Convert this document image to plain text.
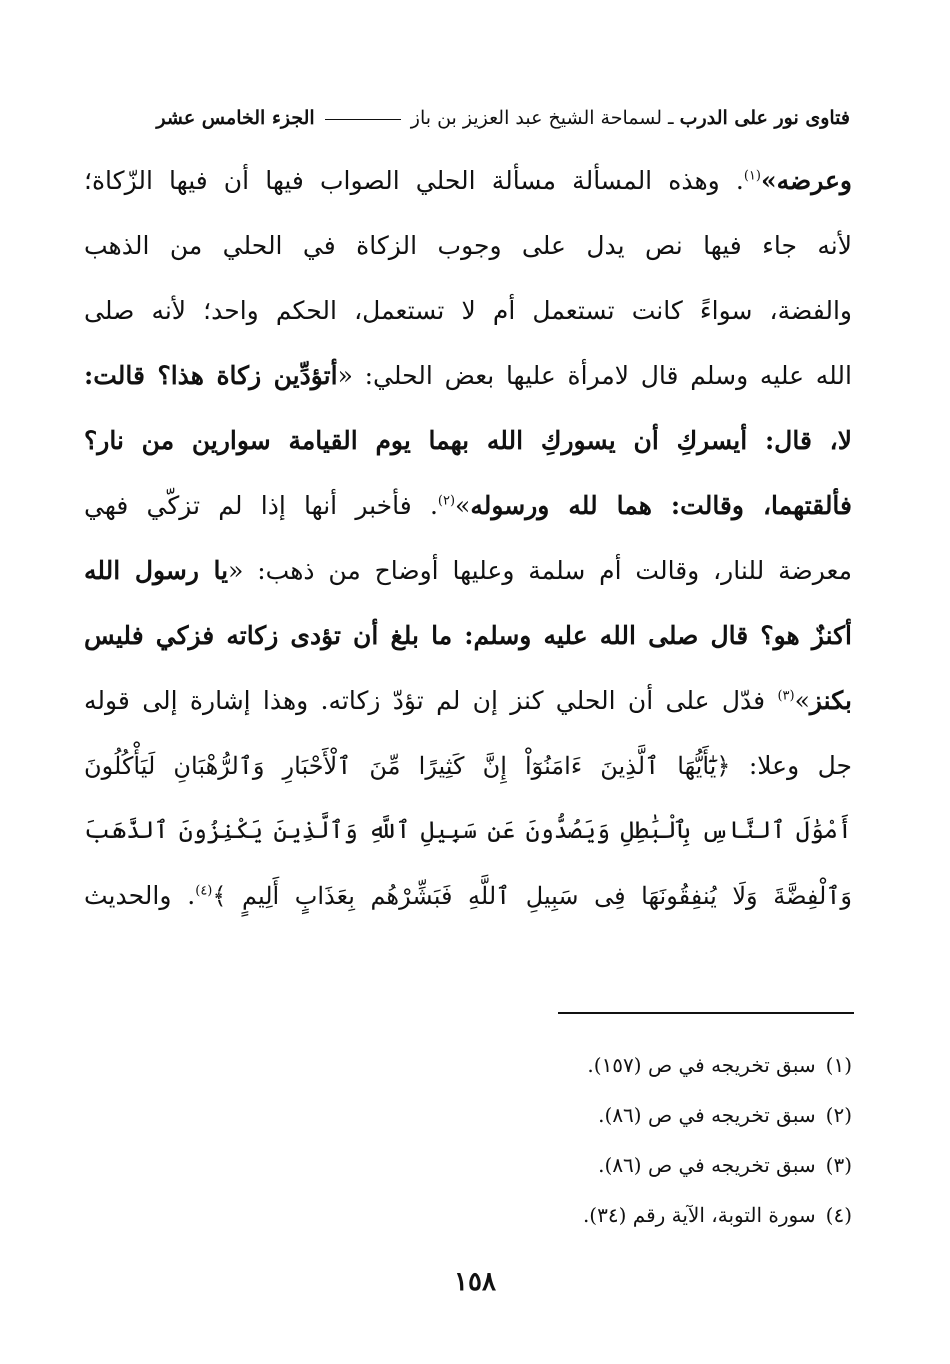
فتاوى نور على الدرب ـ لسماحة الشيخ عبد العزيز بن باز  الجزء الخامس عشر
وعرضه»$^{(١)}$. وهذه المسألة مسألة الحلي الصواب فيها أن فيها الزّكاة؛
لأنه جاء فيها نص يدل على وجوب الزكاة في الحلي من الذهب
والفضة، سواءً كانت تستعمل أم لا تستعمل، الحكم واحد؛ لأنه صلى
الله عليه وسلم قال لامرأة عليها بعض الحلي: «أتؤدِّين زكاة هذا؟ قالت:
لا، قال: أيسركِ أن يسوركِ الله بهما يوم القيامة سوارين من نار؟
فألقتهما، وقالت: هما لله ورسوله»$^{(٢)}$. فأخبر أنها إذا لم تزكّي فهي
معرضة للنار، وقالت أم سلمة وعليها أوضاح من ذهب: «يا رسول الله
أكنزٌ هو؟ قال صلى الله عليه وسلم: ما بلغ أن تؤدى زكاته فزكي فليس
بكنز»$^{(٣)}$ فدّل على أن الحلي كنز إن لم تؤدّ زكاته. وهذا إشارة إلى قوله
جل وعلا: ﴿يَٰٓأَيُّهَا ٱلَّذِينَ ءَامَنُوٓاْ إِنَّ كَثِيرًا مِّنَ ٱلْأَحْبَارِ وَٱلرُّهْبَانِ لَيَأْكُلُونَ
أَمْوَٰلَ ٱلنَّاسِ بِٱلْبَٰطِلِ وَيَصُدُّونَ عَن سَبِيلِ ٱللَّهِ وَٱلَّذِينَ يَكْنِزُونَ ٱلذَّهَبَ
وَٱلْفِضَّةَ وَلَا يُنفِقُونَهَا فِى سَبِيلِ ٱللَّهِ فَبَشِّرْهُم بِعَذَابٍ أَلِيمٍ ﴾$^{(٤)}$. والحديث
(١)سبق تخريجه في ص (١٥٧).
(٢)سبق تخريجه في ص (٨٦).
(٣)سبق تخريجه في ص (٨٦).
(٤)سورة التوبة، الآية رقم (٣٤).
١٥٨
